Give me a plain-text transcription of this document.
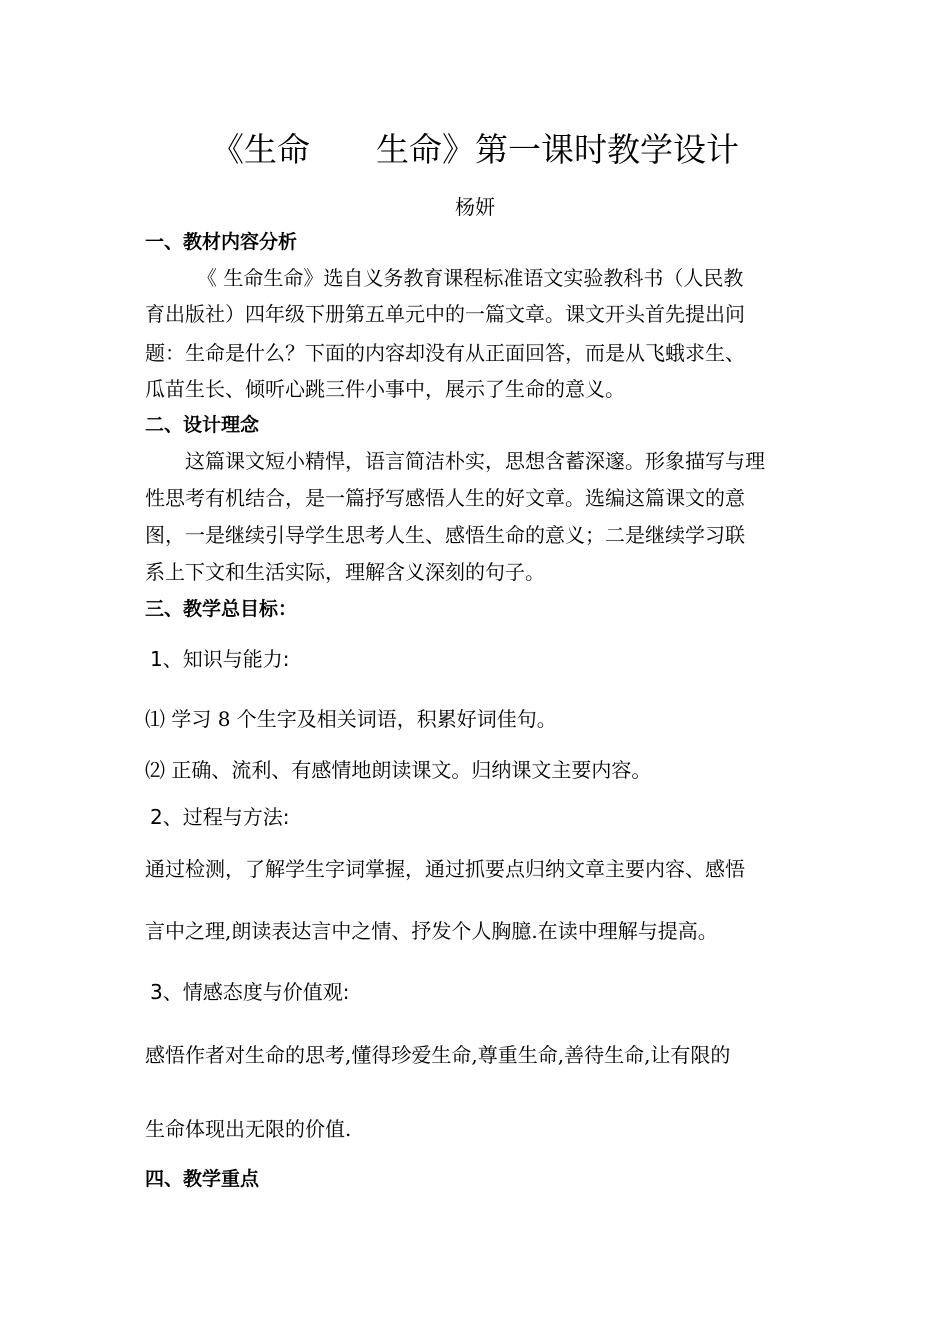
《生命　　生命》第一课时教学设计
杨妍
一、教材内容分析
《 生命生命》选自义务教育课程标准语文实验教科书（人民教
育出版社）四年级下册第五单元中的一篇文章。课文开头首先提出问
题：生命是什么？下面的内容却没有从正面回答，而是从飞蛾求生、
瓜苗生长、倾听心跳三件小事中，展示了生命的意义。
二、设计理念
这篇课文短小精悍，语言简洁朴实，思想含蓄深邃。形象描写与理
性思考有机结合，是一篇抒写感悟人生的好文章。选编这篇课文的意
图，一是继续引导学生思考人生、感悟生命的意义；二是继续学习联
系上下文和生活实际，理解含义深刻的句子。
三、教学总目标：
1、知识与能力:
⑴ 学习 8 个生字及相关词语，积累好词佳句。
⑵ 正确、流利、有感情地朗读课文。归纳课文主要内容。
2、过程与方法:
通过检测，了解学生字词掌握，通过抓要点归纳文章主要内容、感悟
言中之理,朗读表达言中之情、抒发个人胸臆.在读中理解与提高。
3、情感态度与价值观:
感悟作者对生命的思考,懂得珍爱生命,尊重生命,善待生命,让有限的
生命体现出无限的价值.
四、教学重点
